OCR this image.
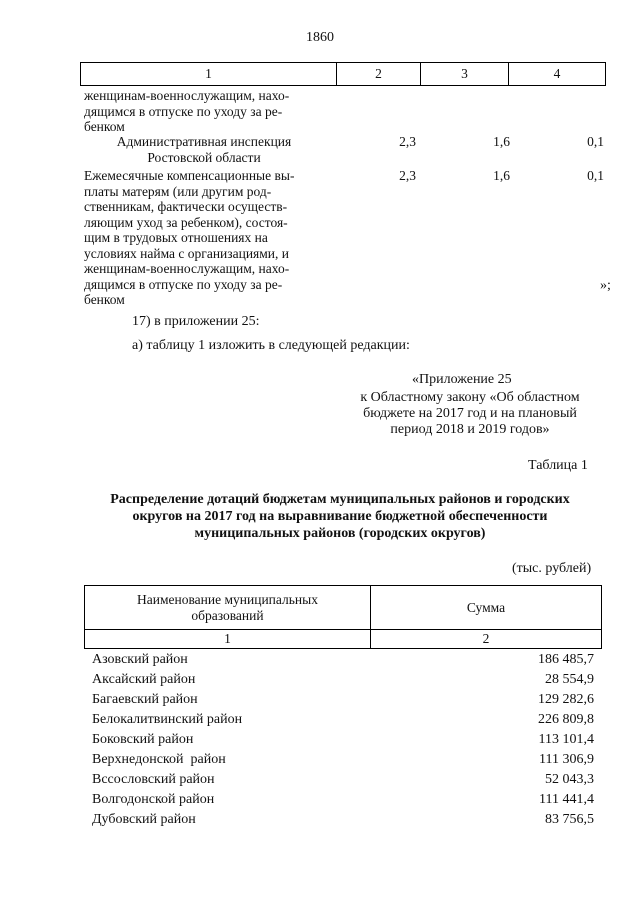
1860
1	2	3	4
женщинам-военнослужащим, нахо-
дящимся в отпуске по уходу за ре-
бенком
Административная инспекция
Ростовской области
2,3	1,6	0,1
Ежемесячные компенсационные вы-
платы матерям (или другим род-
ственникам, фактически осуществ-
ляющим уход за ребенком), состоя-
щим в трудовых отношениях на
условиях найма с организациями, и
женщинам-военнослужащим, нахо-
дящимся в отпуске по уходу за ре-
бенком
2,3	1,6	0,1
»;
17) в приложении 25:
а) таблицу 1 изложить в следующей редакции:
«Приложение 25
к Областному закону «Об областном
бюджете на 2017 год и на плановый
период 2018 и 2019 годов»
Таблица 1
Распределение дотаций бюджетам муниципальных районов и городских
округов на 2017 год на выравнивание бюджетной обеспеченности
муниципальных районов (городских округов)
(тыс. рублей)
Наименование муниципальных
образований
Сумма
1	2
Азовский район	186 485,7
Аксайский район	28 554,9
Багаевский район	129 282,6
Белокалитвинский район	226 809,8
Боковский район	113 101,4
Верхнедонской  район	111 306,9
Вссословский район	52 043,3
Волгодонской район	111 441,4
Дубовский район	83 756,5
